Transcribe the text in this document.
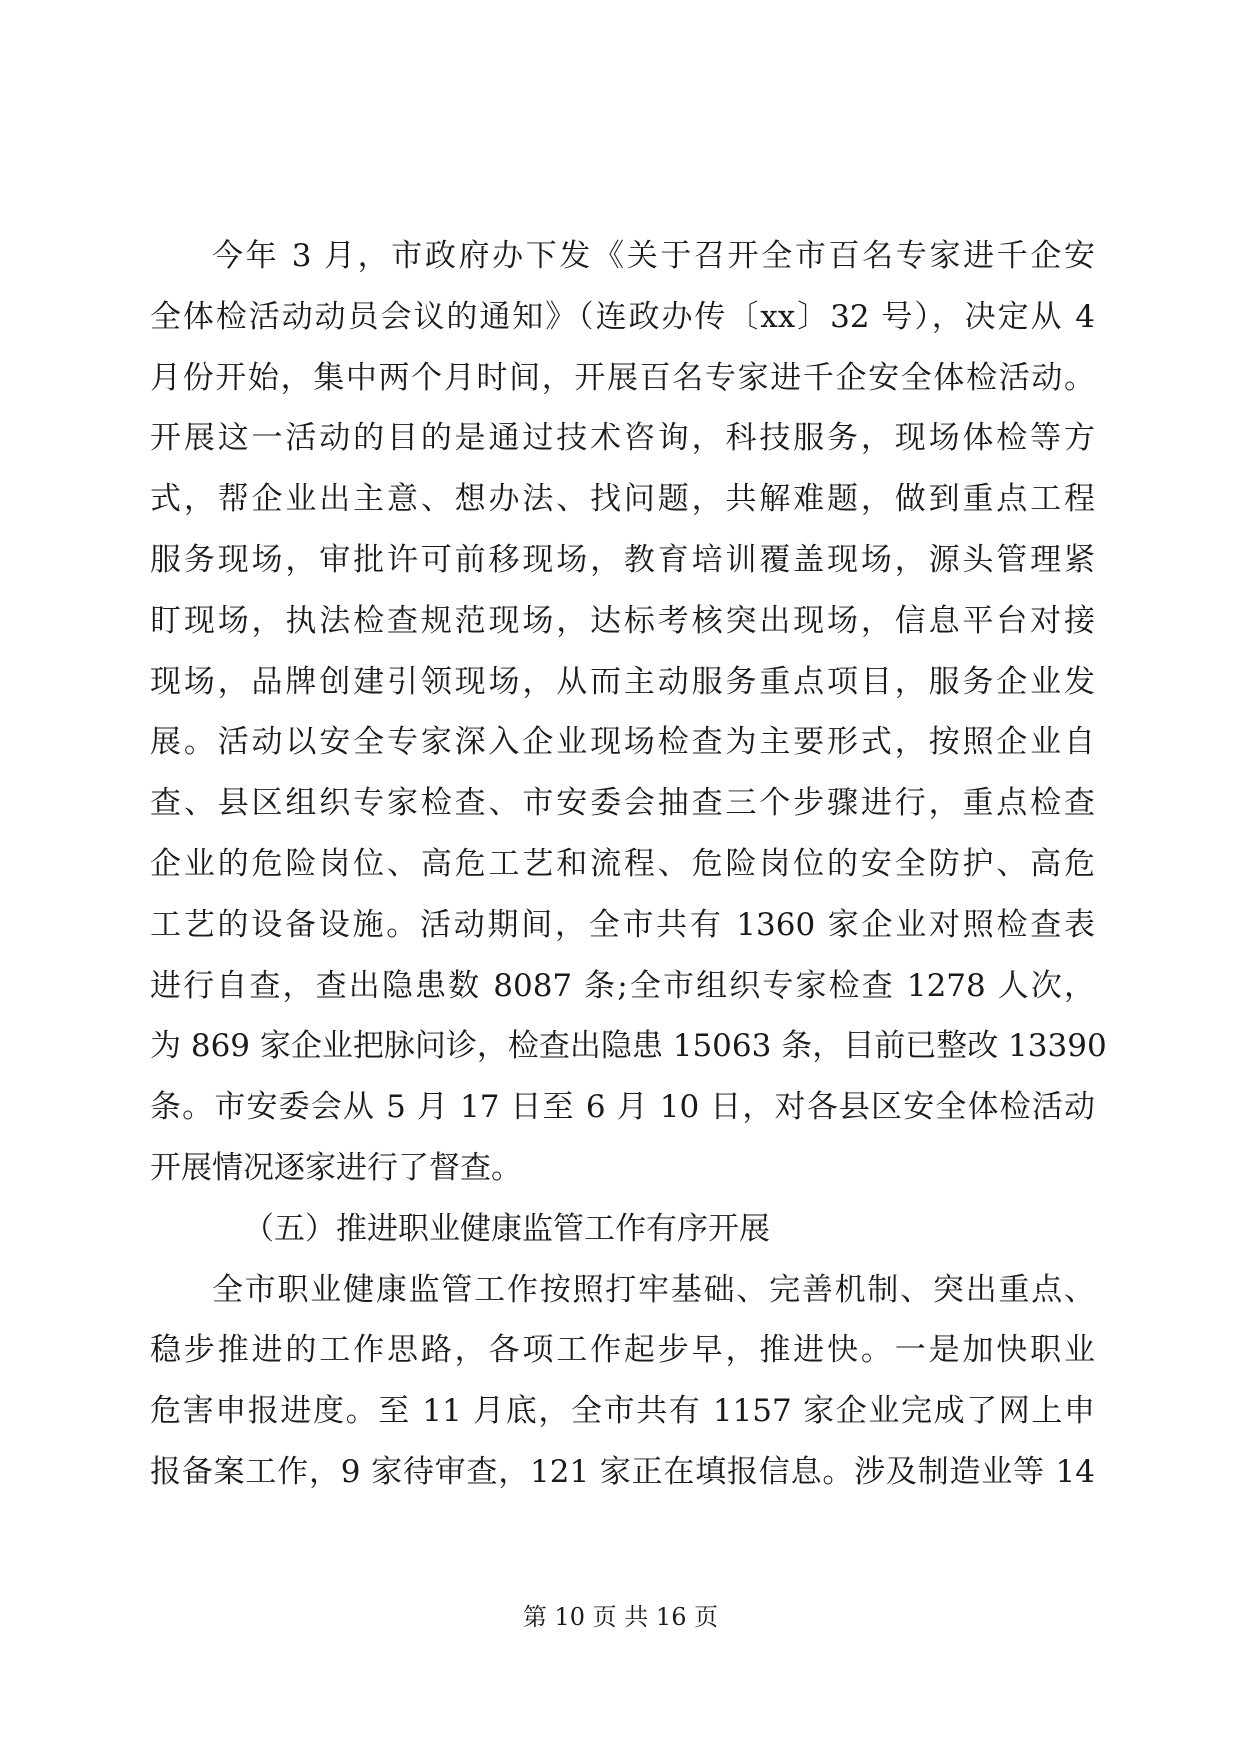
今年 3 月，市政府办下发《关于召开全市百名专家进千企安
全体检活动动员会议的通知》（连政办传〔xx〕32 号），决定从 4
月份开始，集中两个月时间，开展百名专家进千企安全体检活动。
开展这一活动的目的是通过技术咨询，科技服务，现场体检等方
式，帮企业出主意、想办法、找问题，共解难题，做到重点工程
服务现场，审批许可前移现场，教育培训覆盖现场，源头管理紧
盯现场，执法检查规范现场，达标考核突出现场，信息平台对接
现场，品牌创建引领现场，从而主动服务重点项目，服务企业发
展。活动以安全专家深入企业现场检查为主要形式，按照企业自
查、县区组织专家检查、市安委会抽查三个步骤进行，重点检查
企业的危险岗位、高危工艺和流程、危险岗位的安全防护、高危
工艺的设备设施。活动期间，全市共有 1360 家企业对照检查表
进行自查，查出隐患数 8087 条;全市组织专家检查 1278 人次，
为 869 家企业把脉问诊，检查出隐患 15063 条，目前已整改 13390
条。市安委会从 5 月 17 日至 6 月 10 日，对各县区安全体检活动
开展情况逐家进行了督查。
（五）推进职业健康监管工作有序开展
全市职业健康监管工作按照打牢基础、完善机制、突出重点、
稳步推进的工作思路，各项工作起步早，推进快。一是加快职业
危害申报进度。至 11 月底，全市共有 1157 家企业完成了网上申
报备案工作，9 家待审查，121 家正在填报信息。涉及制造业等 14
第 10 页 共 16 页
